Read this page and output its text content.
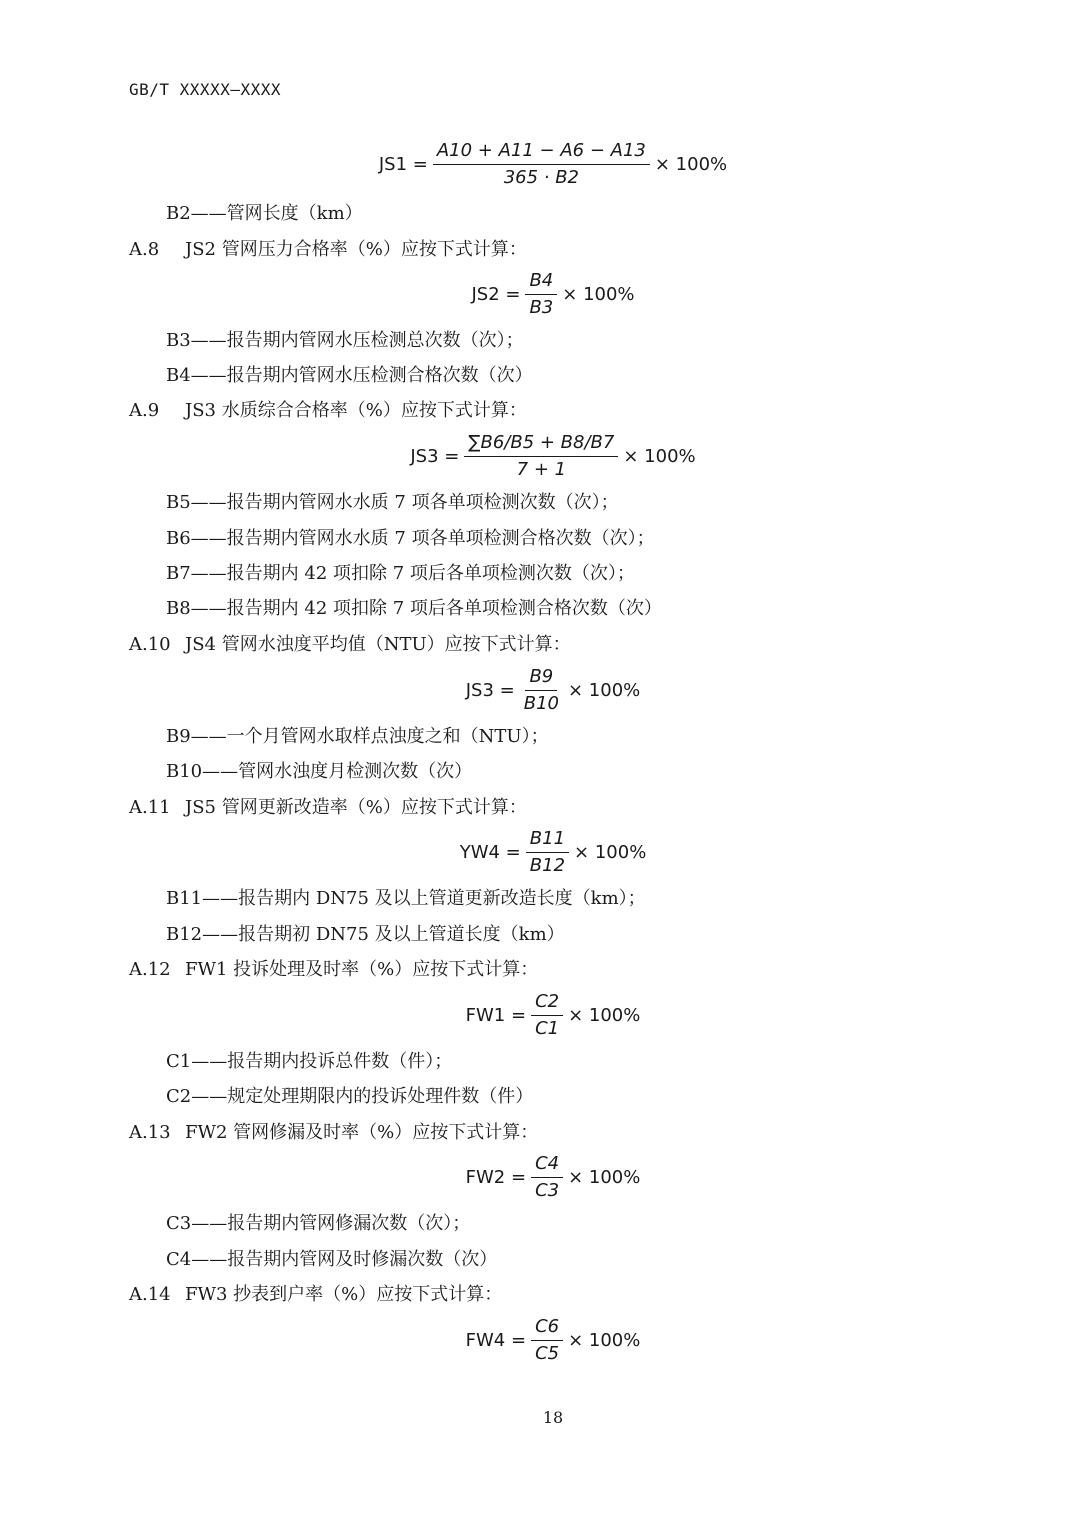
GB/T XXXXX—XXXX
$JS1 = \frac{A10 + A11 - A6 - A13}{365 \cdot B2} \times 100\%$
B2——管网长度（km）
A.8 JS2 管网压力合格率（%）应按下式计算：
$JS2 = \frac{B4}{B3} \times 100\%$
B3——报告期内管网水压检测总次数（次）；
B4——报告期内管网水压检测合格次数（次）
A.9 JS3 水质综合合格率（%）应按下式计算：
$JS3 = \frac{\sum B6/B5 + B8/B7}{7 + 1} \times 100\%$
B5——报告期内管网水水质 7 项各单项检测次数（次）；
B6——报告期内管网水水质 7 项各单项检测合格次数（次）；
B7——报告期内 42 项扣除 7 项后各单项检测次数（次）；
B8——报告期内 42 项扣除 7 项后各单项检测合格次数（次）
A.10 JS4 管网水浊度平均值（NTU）应按下式计算：
$JS3 = \frac{B9}{B10} \times 100\%$
B9——一个月管网水取样点浊度之和（NTU）；
B10——管网水浊度月检测次数（次）
A.11 JS5 管网更新改造率（%）应按下式计算：
$YW4 = \frac{B11}{B12} \times 100\%$
B11——报告期内 DN75 及以上管道更新改造长度（km）；
B12——报告期初 DN75 及以上管道长度（km）
A.12 FW1 投诉处理及时率（%）应按下式计算：
$FW1 = \frac{C2}{C1} \times 100\%$
C1——报告期内投诉总件数（件）；
C2——规定处理期限内的投诉处理件数（件）
A.13 FW2 管网修漏及时率（%）应按下式计算：
$FW2 = \frac{C4}{C3} \times 100\%$
C3——报告期内管网修漏次数（次）；
C4——报告期内管网及时修漏次数（次）
A.14 FW3 抄表到户率（%）应按下式计算：
$FW4 = \frac{C6}{C5} \times 100\%$
18
